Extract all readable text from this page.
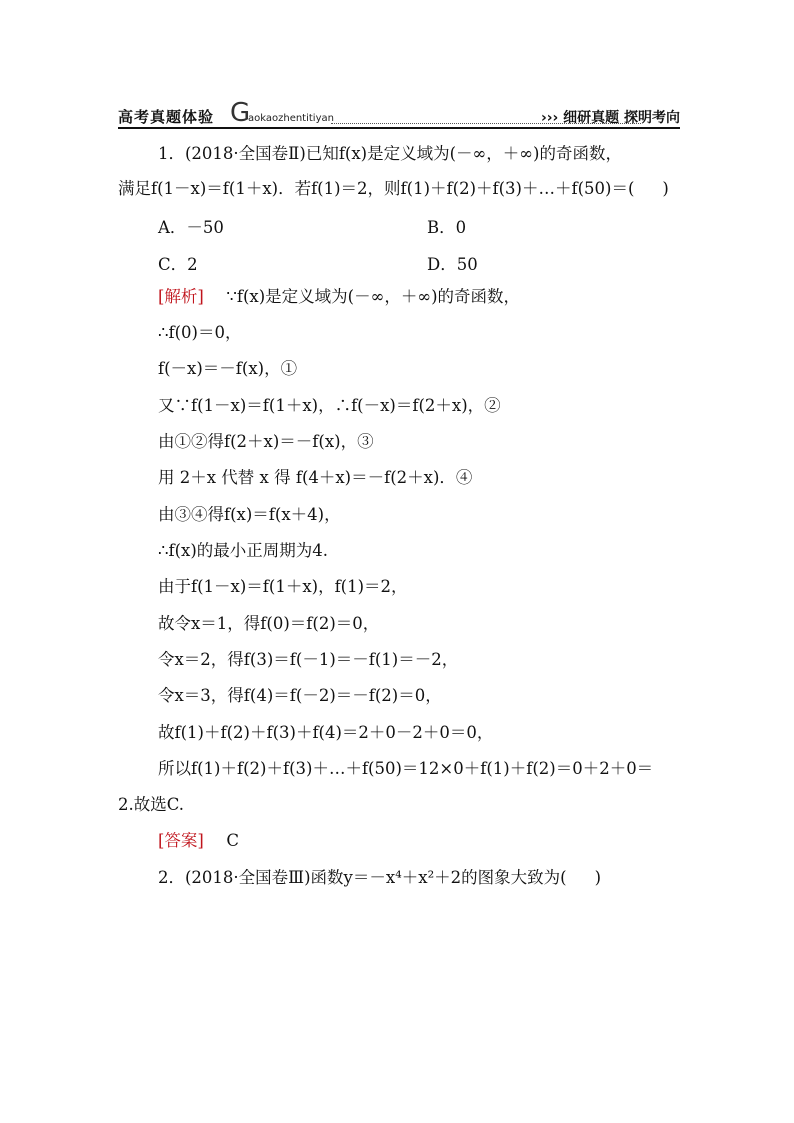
高考真题体验 G
aokaozhentitiyan	››› 细研真题 探明考向
1．(2018·全国卷Ⅱ)已知f(x)是定义域为(－∞，＋∞)的奇函数，
满足f(1－x)＝f(1＋x)．若f(1)＝2，则f(1)＋f(2)＋f(3)＋…＋f(50)＝( )
A．－50	B．0
C．2	D．50
[解析] ∵f(x)是定义域为(－∞，＋∞)的奇函数，
∴f(0)＝0，
f(－x)＝－f(x)，①
又∵f(1－x)＝f(1＋x)，∴f(－x)＝f(2＋x)，②
由①②得f(2＋x)＝－f(x)，③
用 2＋x 代替 x 得 f(4＋x)＝－f(2＋x)．④
由③④得f(x)＝f(x＋4)，
∴f(x)的最小正周期为4.
由于f(1－x)＝f(1＋x)，f(1)＝2，
故令x＝1，得f(0)＝f(2)＝0，
令x＝2，得f(3)＝f(－1)＝－f(1)＝－2，
令x＝3，得f(4)＝f(－2)＝－f(2)＝0，
故f(1)＋f(2)＋f(3)＋f(4)＝2＋0－2＋0＝0，
所以f(1)＋f(2)＋f(3)＋…＋f(50)＝12×0＋f(1)＋f(2)＝0＋2＋0＝
2.故选C.
[答案] C
2．(2018·全国卷Ⅲ)函数y＝－x⁴＋x²＋2的图象大致为( )
